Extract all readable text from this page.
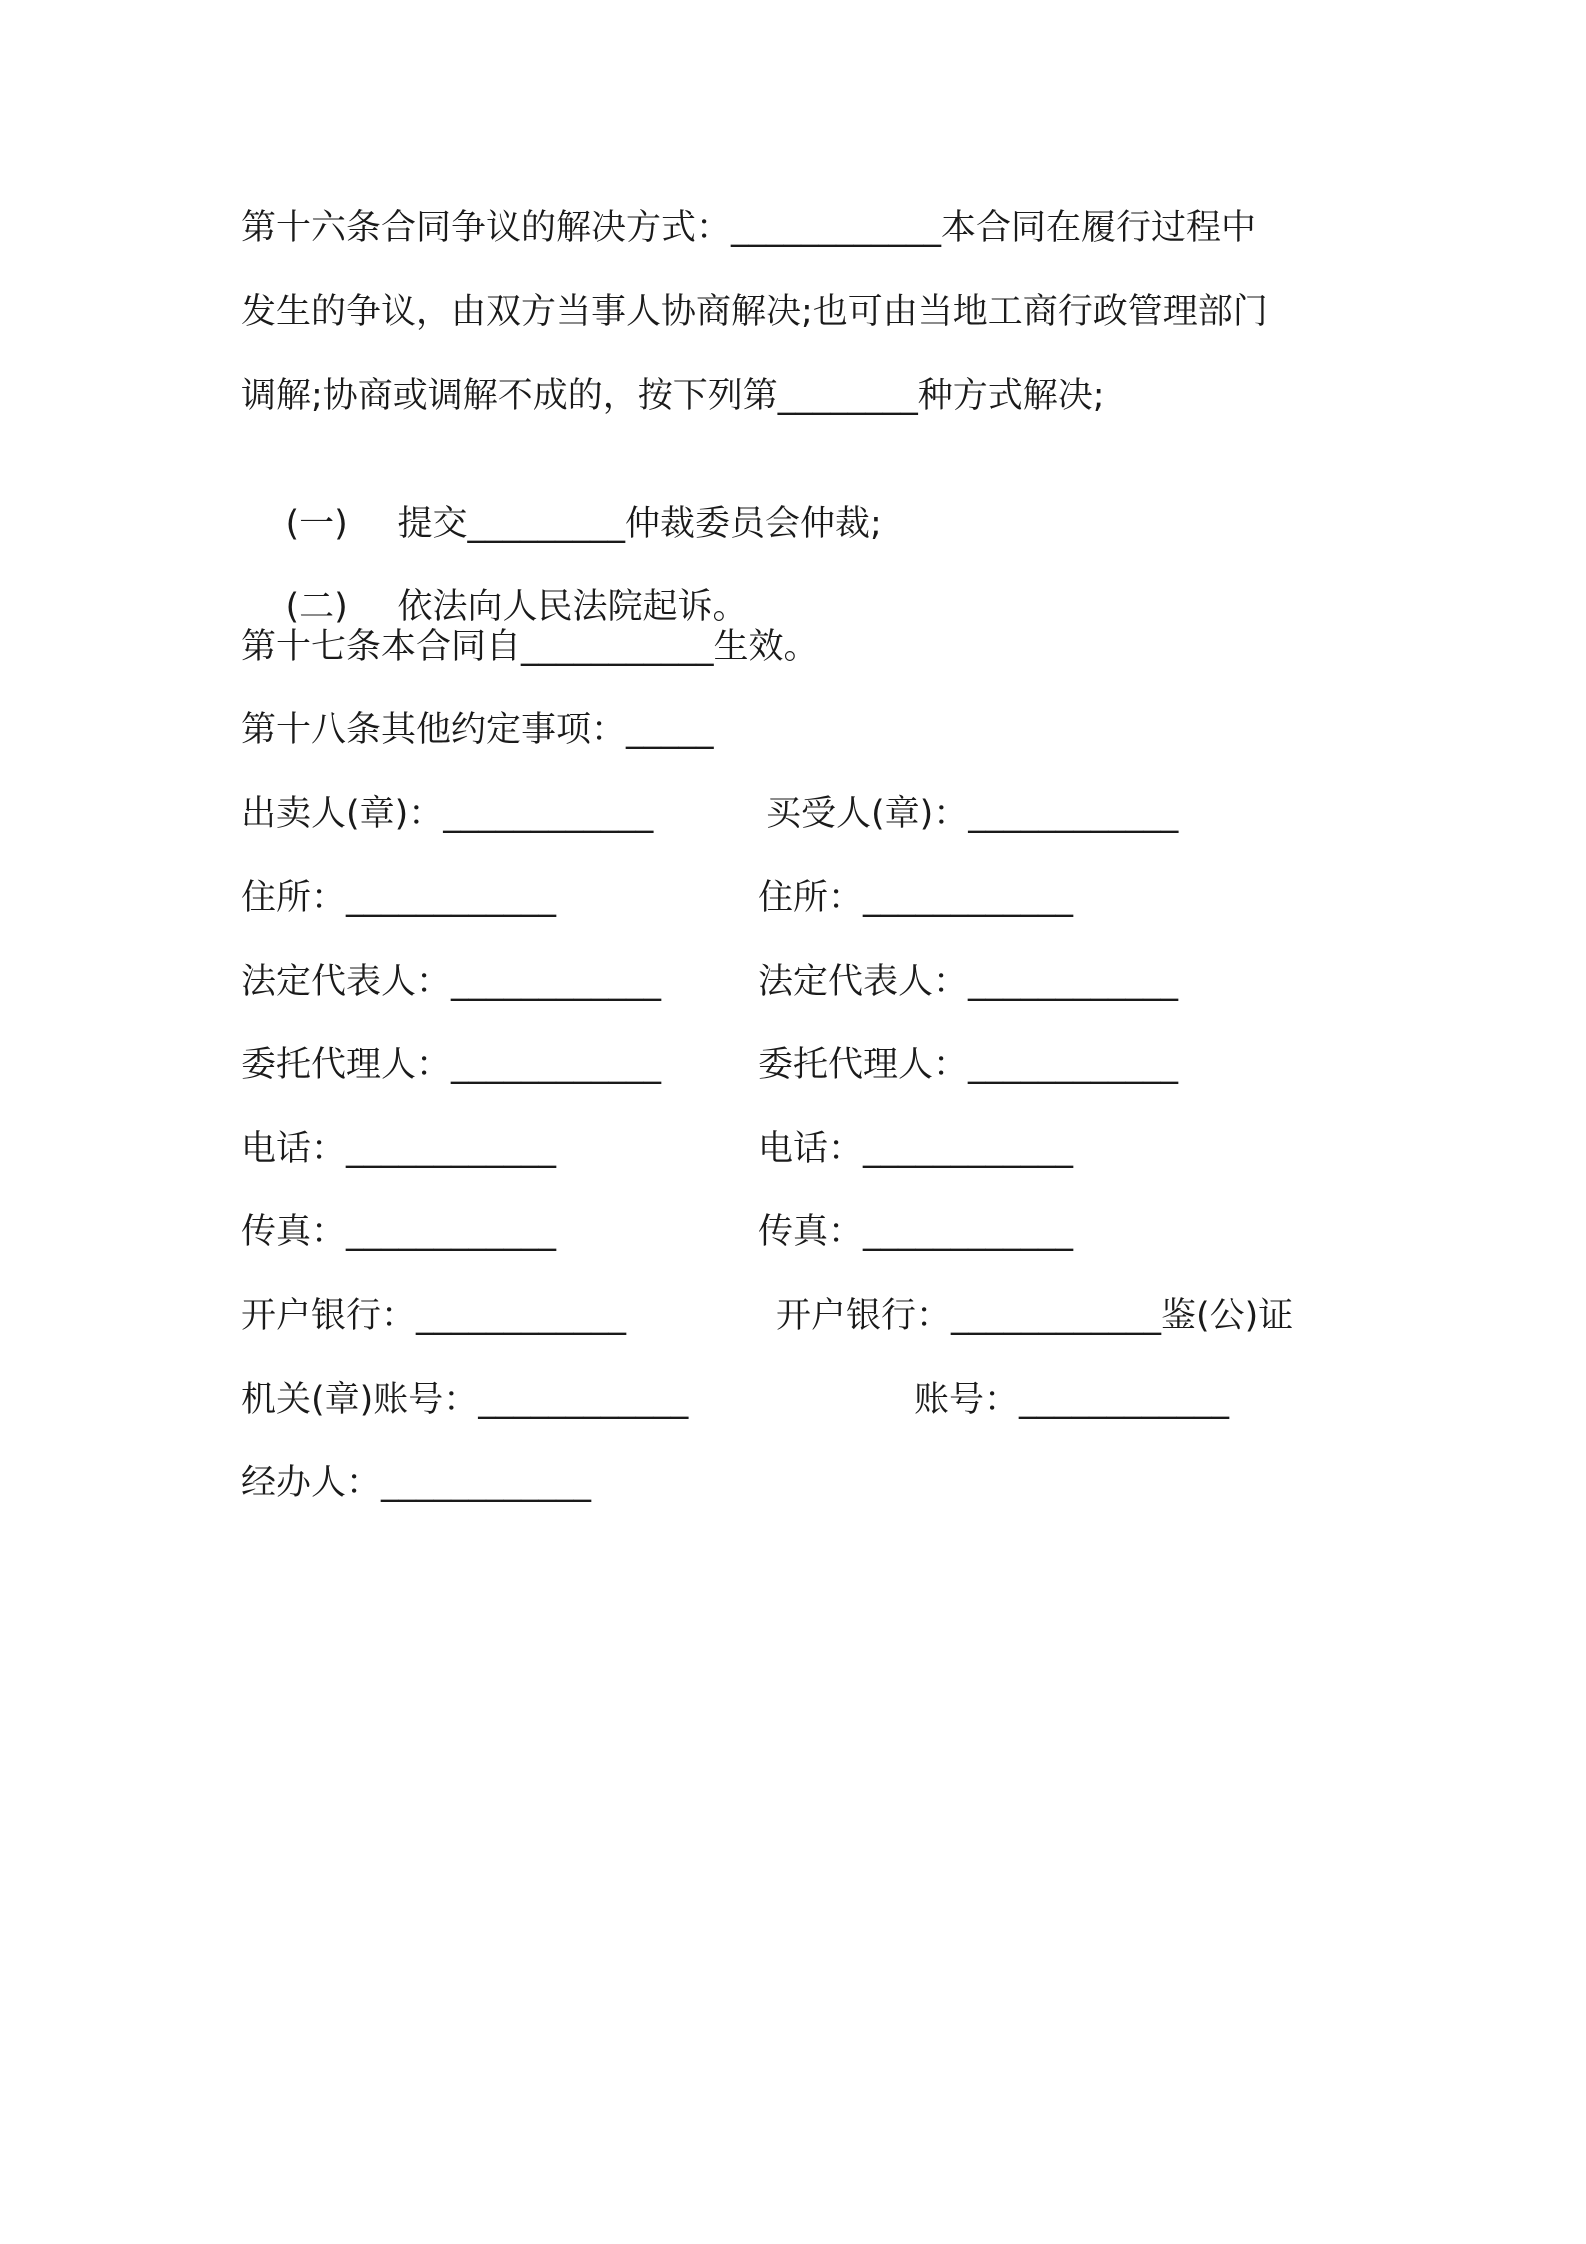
第十六条合同争议的解决方式：____________本合同在履行过程中
发生的争议，由双方当事人协商解决;也可由当地工商行政管理部门
调解;协商或调解不成的，按下列第________种方式解决;

(一) 提交_________仲裁委员会仲裁;

(二) 依法向人民法院起诉。

第十七条本合同自___________生效。
第十八条其他约定事项：_____
出卖人(章)：____________	买受人(章)：____________
住所：____________	住所：____________
法定代表人：____________	法定代表人：____________
委托代理人：____________	委托代理人：____________
电话：____________	电话：____________
传真：____________	传真：____________
开户银行：____________	开户银行：____________鉴(公)证
机关(章)账号：____________	账号：____________
经办人：____________
